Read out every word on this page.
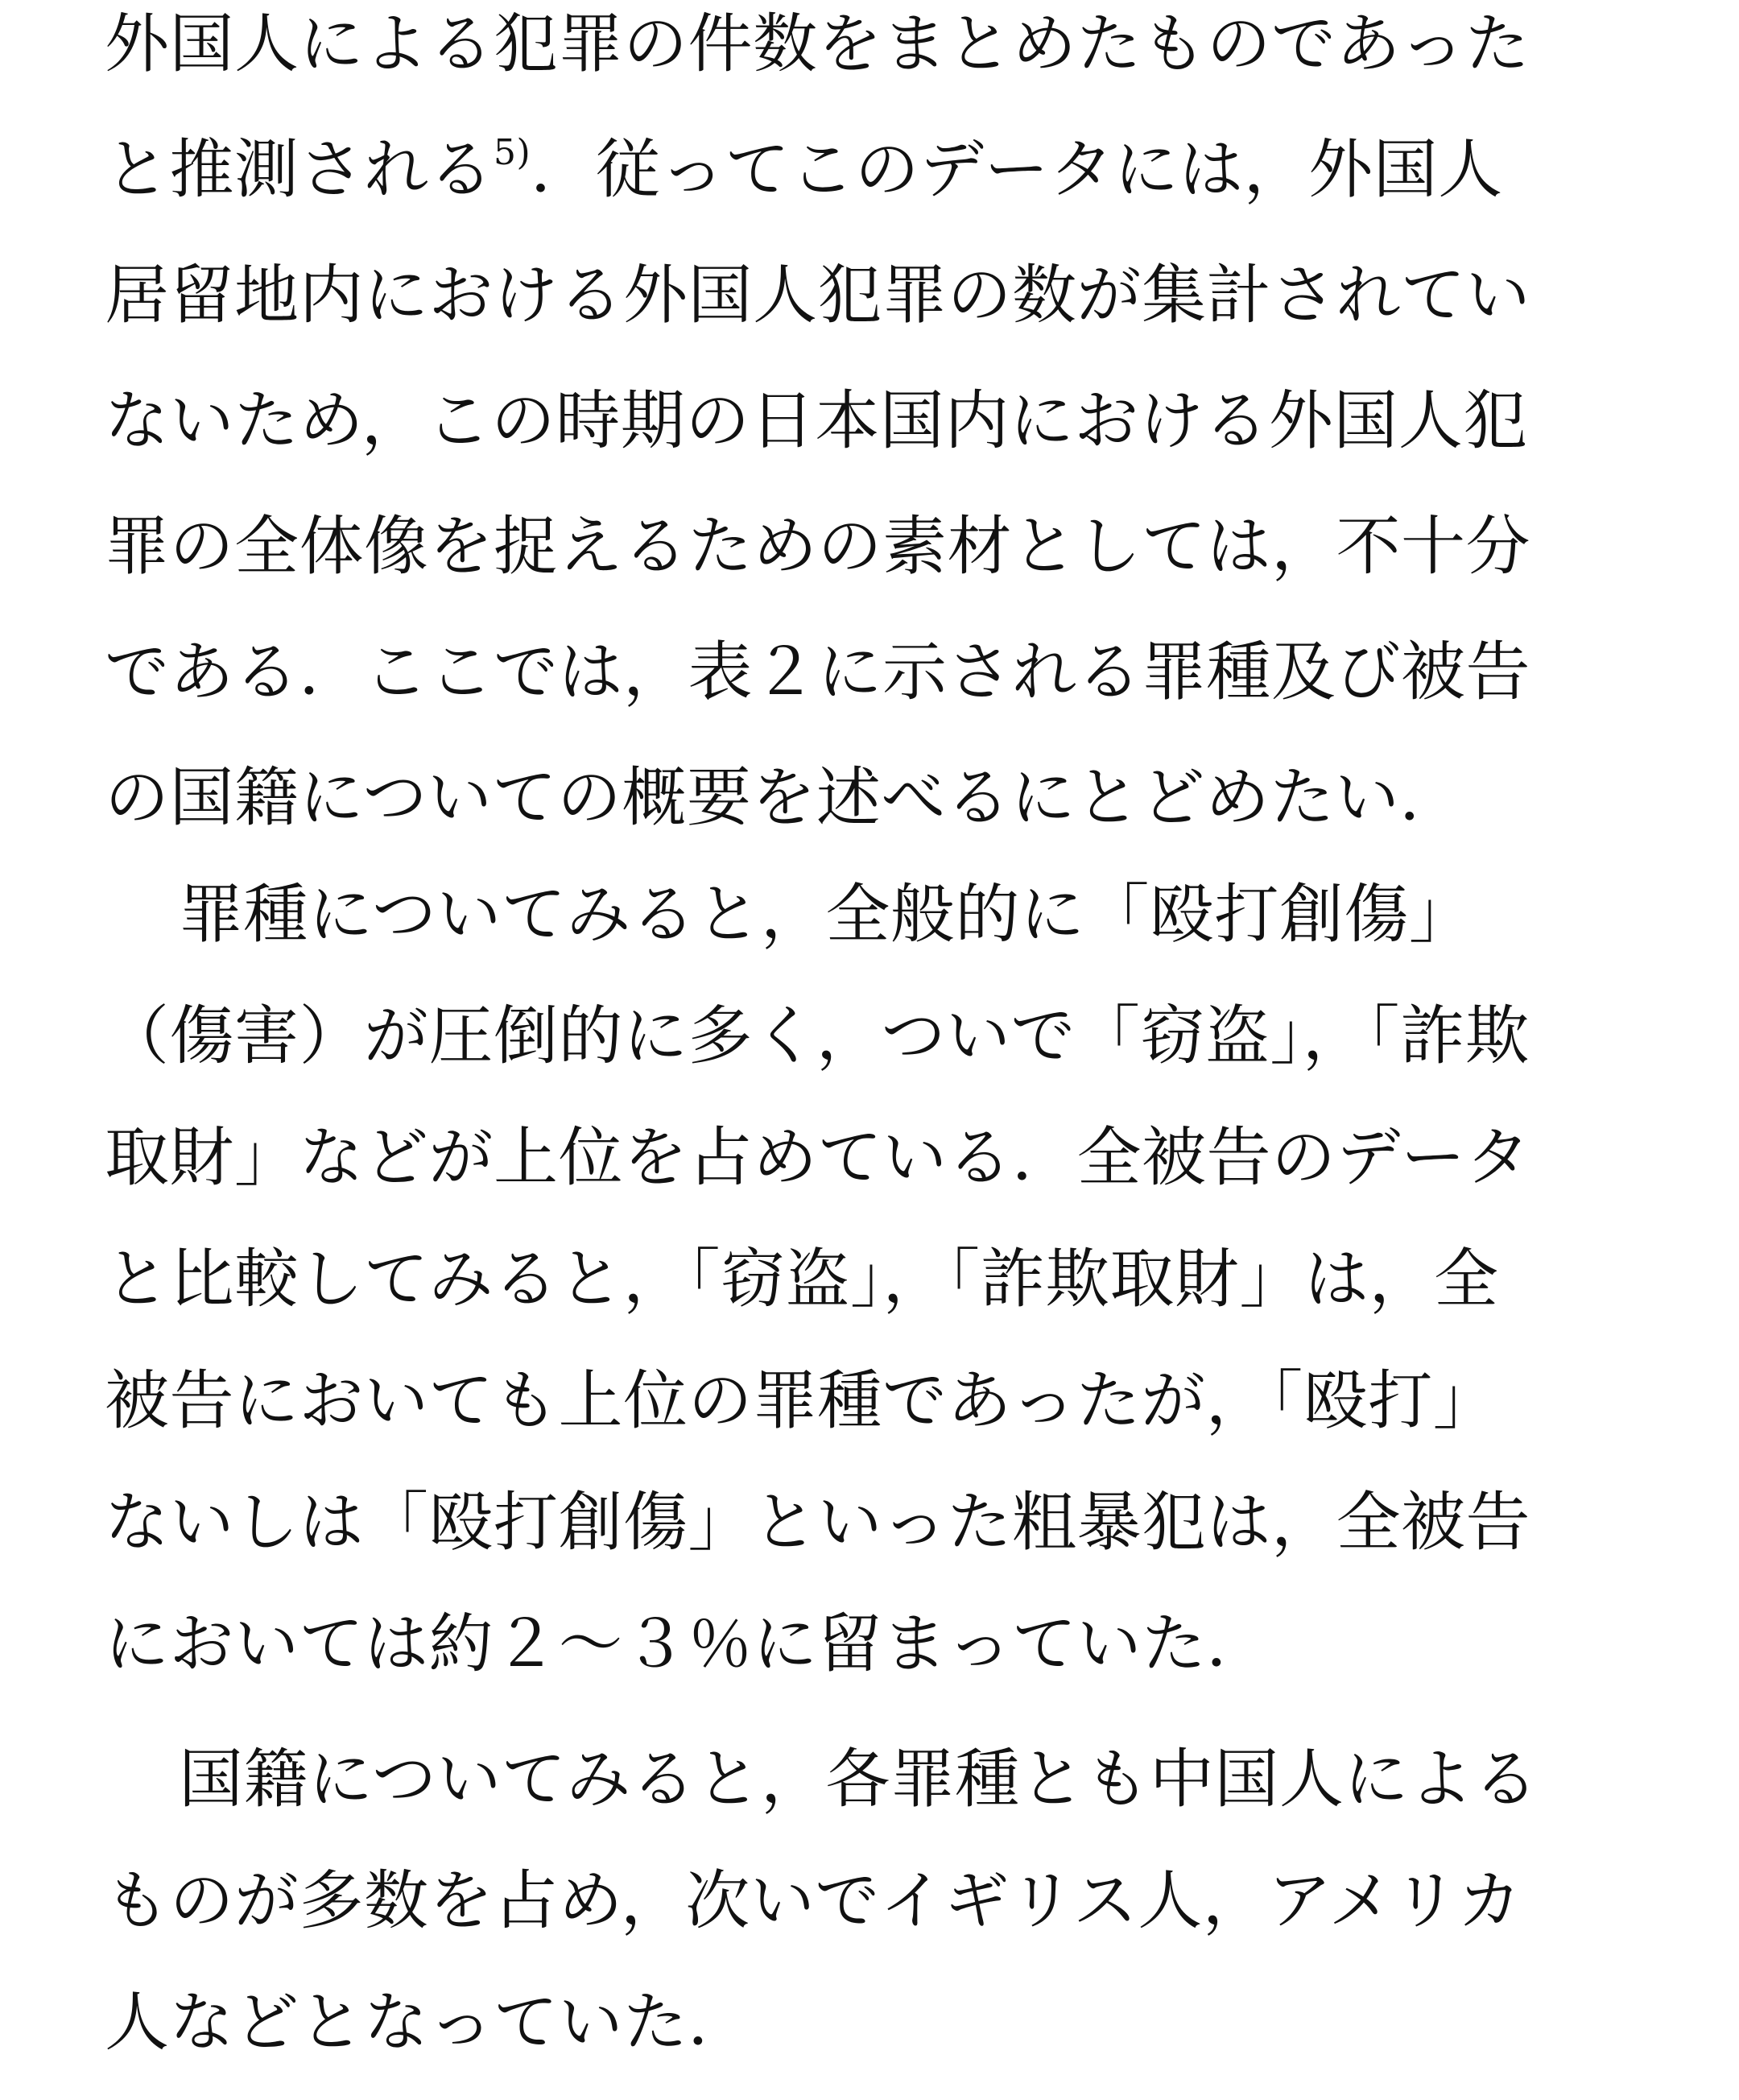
外国人による犯罪の件数をまとめたものであった
と推測される$^{5)}$．従ってこのデータには，外国人
居留地内における外国人犯罪の数が集計されてい
ないため，この時期の日本国内における外国人犯
罪の全体像を捉えるための素材としては，不十分
である．ここでは，表２に示される罪種及び被告
の国籍についての概要を述べるにとどめたい．
罪種についてみると，全般的に「殴打創傷」
（傷害）が圧倒的に多く，ついで「窃盗」，「詐欺
取財」などが上位を占めている．全被告のデータ
と比較してみると，「窃盗」，「詐欺取財」は，全
被告においても上位の罪種であったが，「殴打」
ないしは「殴打創傷」といった粗暴犯は，全被告
においては約２～３％に留まっていた．
国籍についてみると，各罪種とも中国人による
ものが多数を占め，次いでイギリス人，アメリカ
人などとなっていた．
